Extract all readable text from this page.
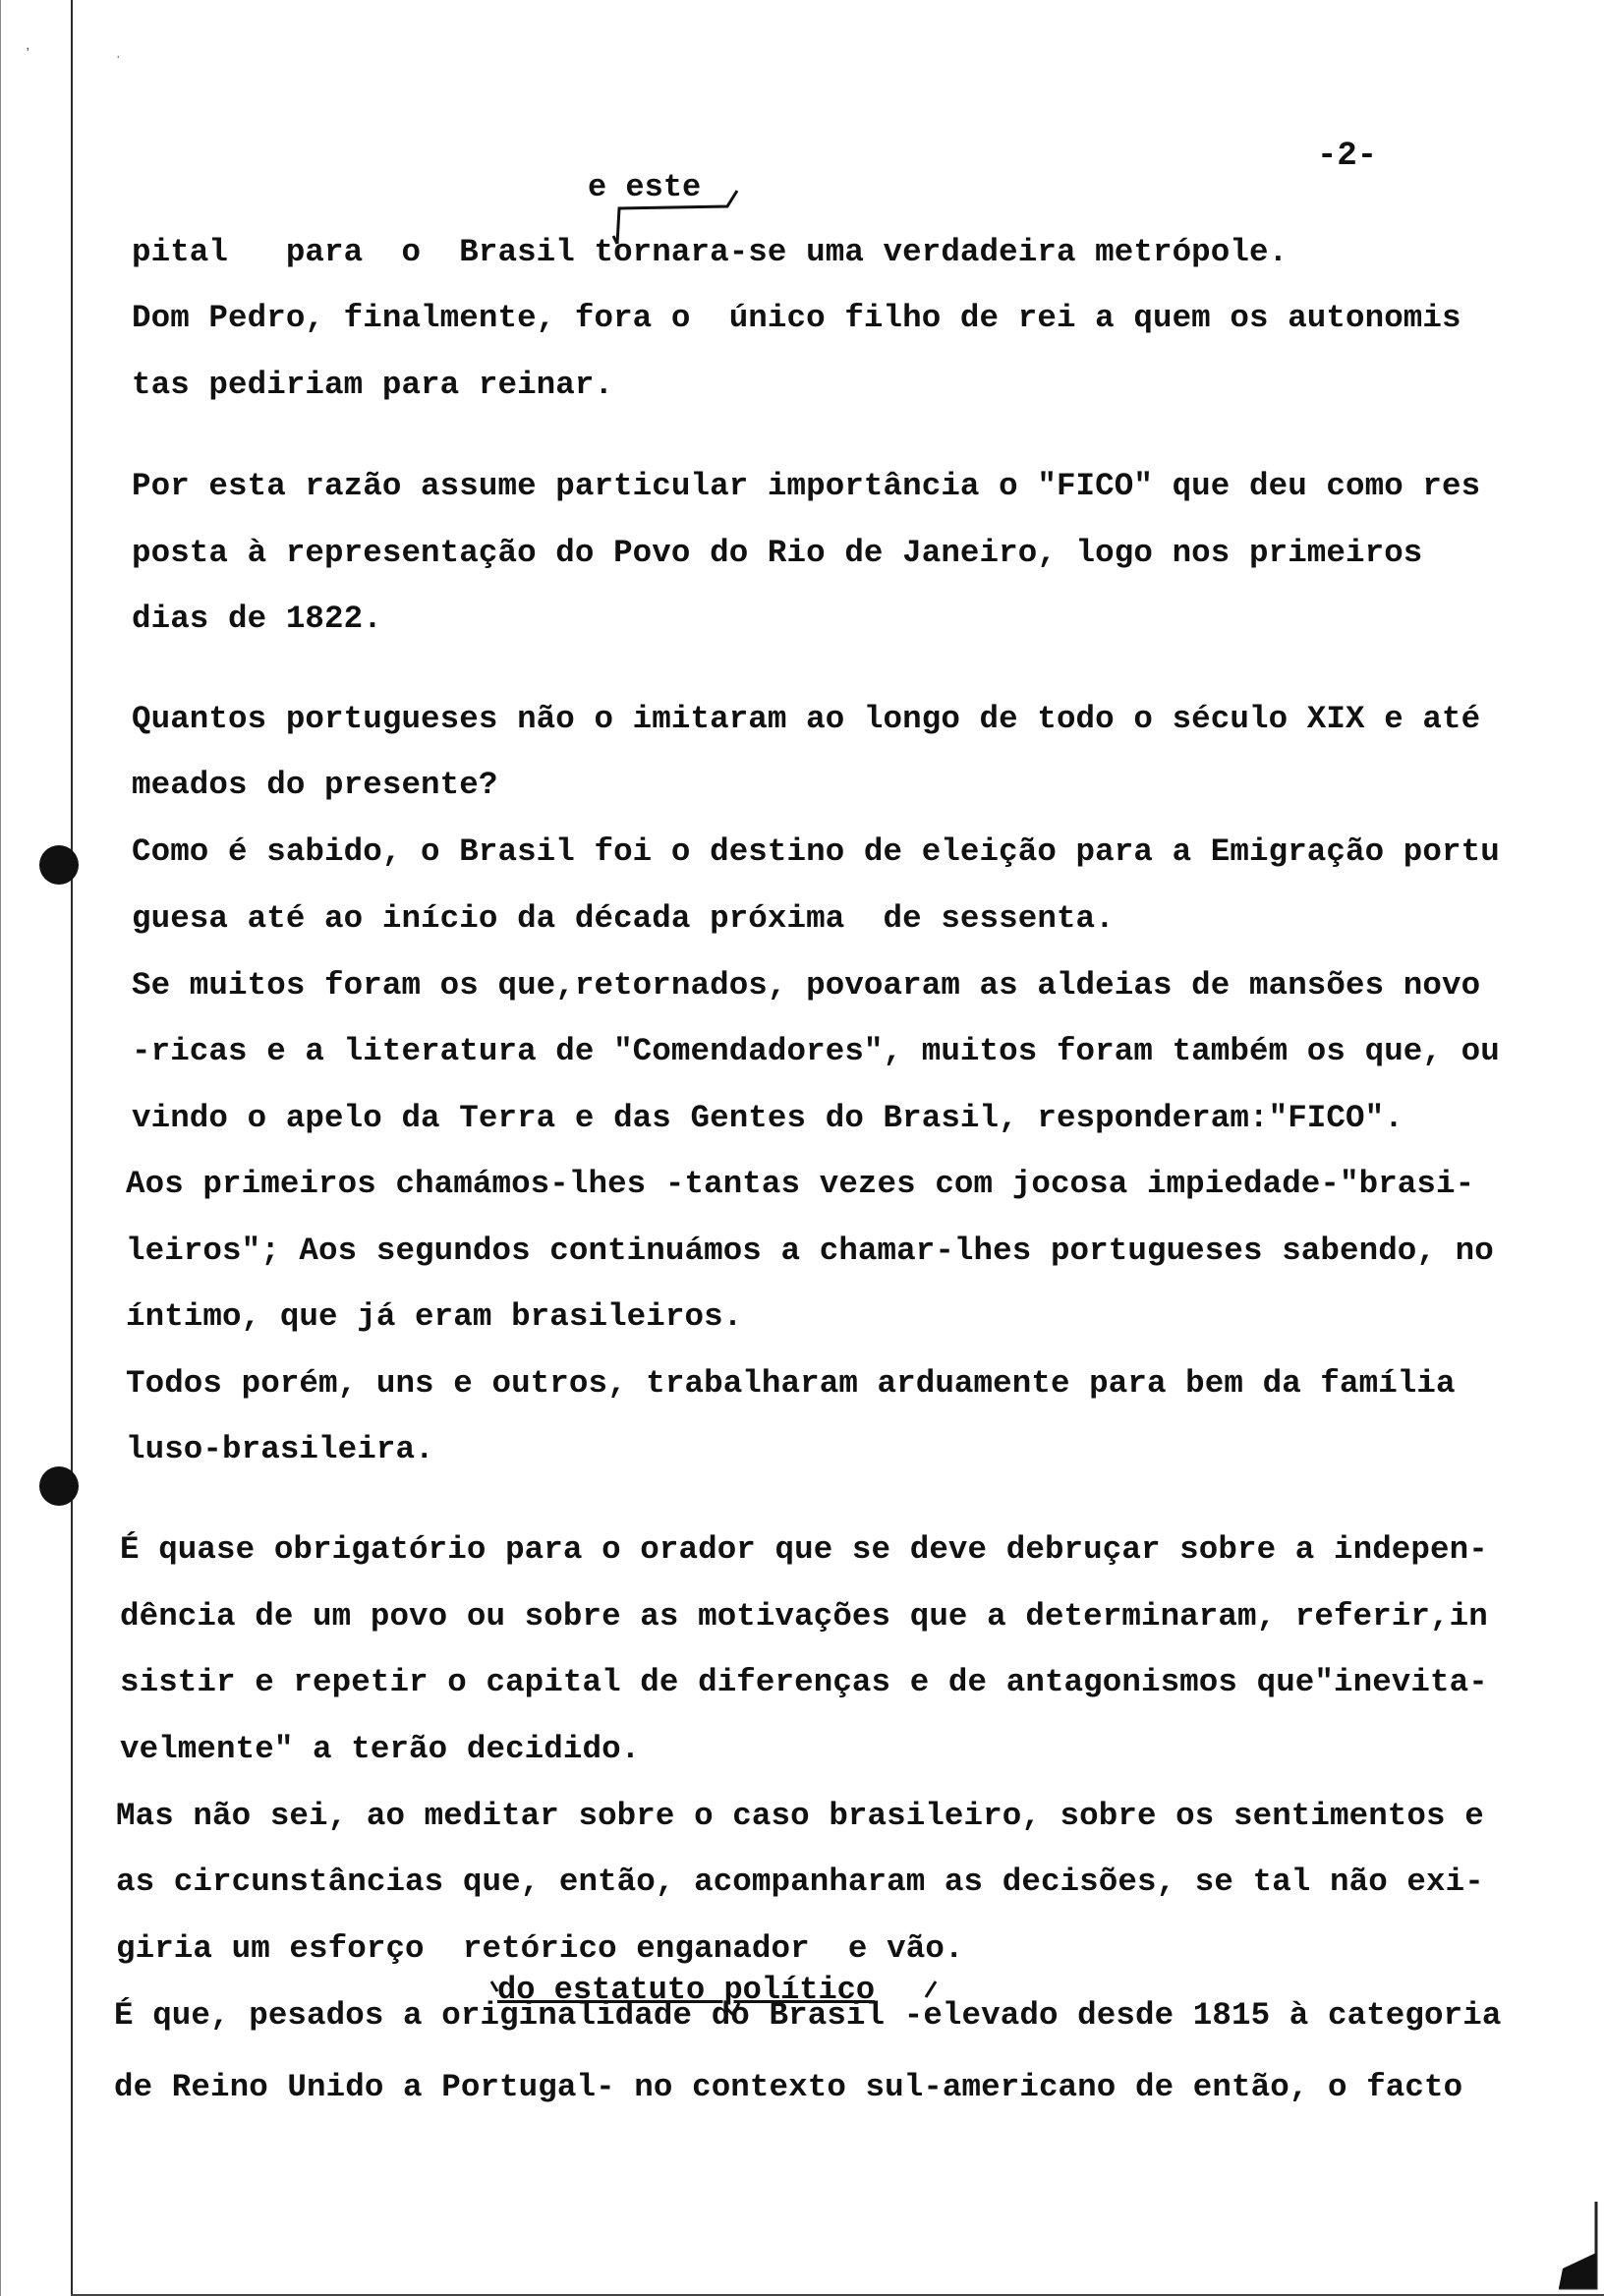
ʼ	ˈ
-2-
e este
pital   para  o  Brasil tornara-se uma verdadeira metrópole.
Dom Pedro, finalmente, fora o  único filho de rei a quem os autonomis
tas pediriam para reinar.
Por esta razão assume particular importância o "FICO" que deu como res
posta à representação do Povo do Rio de Janeiro, logo nos primeiros
dias de 1822.
Quantos portugueses não o imitaram ao longo de todo o século XIX e até
meados do presente?
Como é sabido, o Brasil foi o destino de eleição para a Emigração portu
guesa até ao início da década próxima  de sessenta.
Se muitos foram os que,retornados, povoaram as aldeias de mansões novo
-ricas e a literatura de "Comendadores", muitos foram também os que, ou
vindo o apelo da Terra e das Gentes do Brasil, responderam:"FICO".
Aos primeiros chamámos-lhes -tantas vezes com jocosa impiedade-"brasi-
leiros"; Aos segundos continuámos a chamar-lhes portugueses sabendo, no
íntimo, que já eram brasileiros.
Todos porém, uns e outros, trabalharam arduamente para bem da família
luso-brasileira.
É quase obrigatório para o orador que se deve debruçar sobre a indepen-
dência de um povo ou sobre as motivações que a determinaram, referir,in
sistir e repetir o capital de diferenças e de antagonismos que"inevita-
velmente" a terão decidido.
Mas não sei, ao meditar sobre o caso brasileiro, sobre os sentimentos e
as circunstâncias que, então, acompanharam as decisões, se tal não exi-
giria um esforço  retórico enganador  e vão.
do estatuto político
É que, pesados a originalidade do Brasil -elevado desde 1815 à categoria
de Reino Unido a Portugal- no contexto sul-americano de então, o facto
